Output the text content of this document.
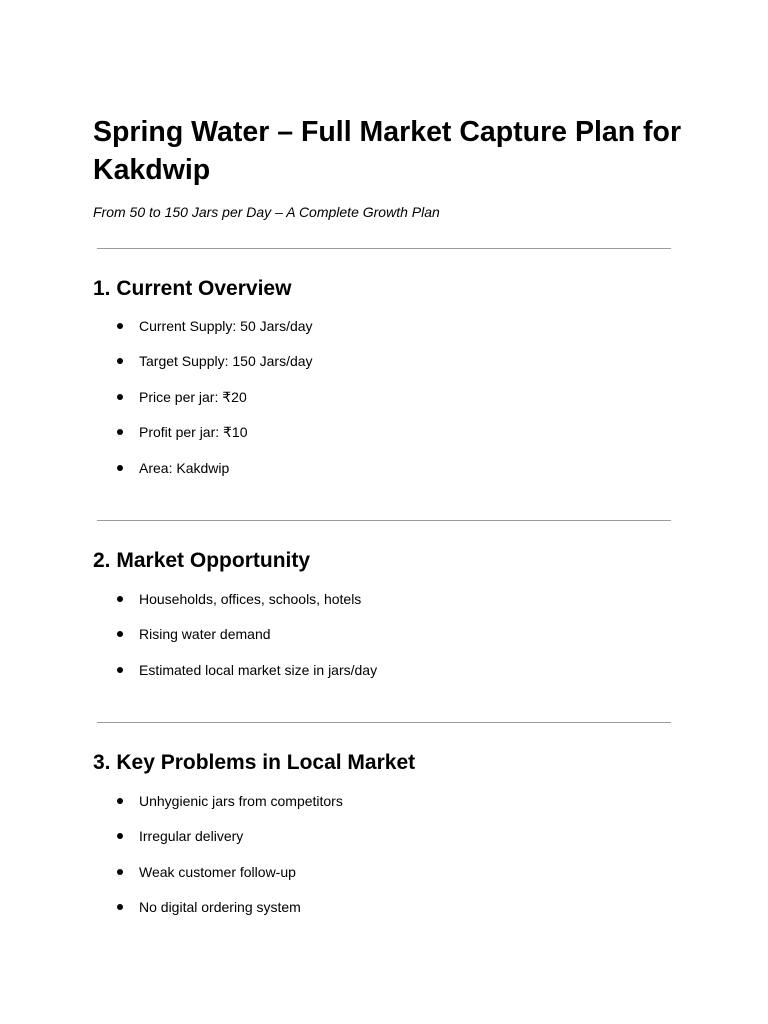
Spring Water – Full Market Capture Plan for Kakdwip

From 50 to 150 Jars per Day – A Complete Growth Plan

1. Current Overview
Current Supply: 50 Jars/day
Target Supply: 150 Jars/day
Price per jar: ₹20
Profit per jar: ₹10
Area: Kakdwip
2. Market Opportunity
Households, offices, schools, hotels
Rising water demand
Estimated local market size in jars/day
3. Key Problems in Local Market
Unhygienic jars from competitors
Irregular delivery
Weak customer follow-up
No digital ordering system
